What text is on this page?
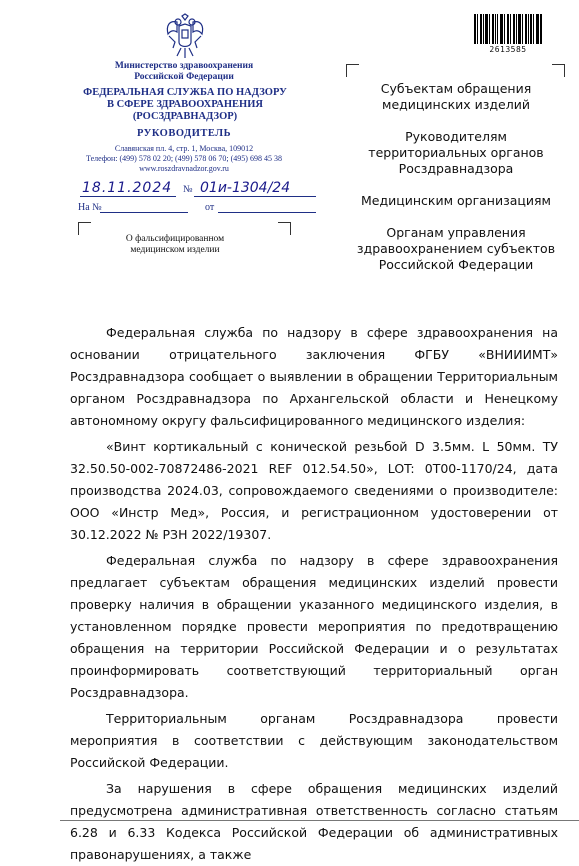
Министерство здравоохранения
Российской Федерации
ФЕДЕРАЛЬНАЯ СЛУЖБА ПО НАДЗОРУ
В СФЕРЕ ЗДРАВООХРАНЕНИЯ
(РОСЗДРАВНАДЗОР)
РУКОВОДИТЕЛЬ
Славянская пл. 4, стр. 1, Москва, 109012
Телефон: (499) 578 02 20; (499) 578 06 70; (495) 698 45 38
www.roszdravnadzor.gov.ru
18.11.2024 № 01и-1304/24
На №	от
О фальсифицированном
медицинском изделии
2613585
Субъектам обращения
медицинских изделий
Руководителям
территориальных органов
Росздравнадзора
Медицинским организациям
Органам управления
здравоохранением субъектов
Российской Федерации

Федеральная служба по надзору в сфере здравоохранения на основании отрицательного заключения ФГБУ «ВНИИИМТ» Росздравнадзора сообщает о выявлении в обращении Территориальным органом Росздравнадзора по Архангельской области и Ненецкому автономному округу фальсифицированного медицинского изделия:

«Винт кортикальный с конической резьбой D 3.5мм. L 50мм. ТУ 32.50.50-002-70872486-2021 REF 012.54.50», LOT: 0Т00-1170/24, дата производства 2024.03, сопровождаемого сведениями о производителе: ООО «Инстр Мед», Россия, и регистрационном удостоверении от 30.12.2022 № РЗН 2022/19307.

Федеральная служба по надзору в сфере здравоохранения предлагает субъектам обращения медицинских изделий провести проверку наличия в обращении указанного медицинского изделия, в установленном порядке провести мероприятия по предотвращению обращения на территории Российской Федерации и о результатах проинформировать соответствующий территориальный орган Росздравнадзора.

Территориальным органам Росздравнадзора провести мероприятия в соответствии с действующим законодательством Российской Федерации.

За нарушения в сфере обращения медицинских изделий предусмотрена административная ответственность согласно статьям 6.28 и 6.33 Кодекса Российской Федерации об административных правонарушениях, а также
